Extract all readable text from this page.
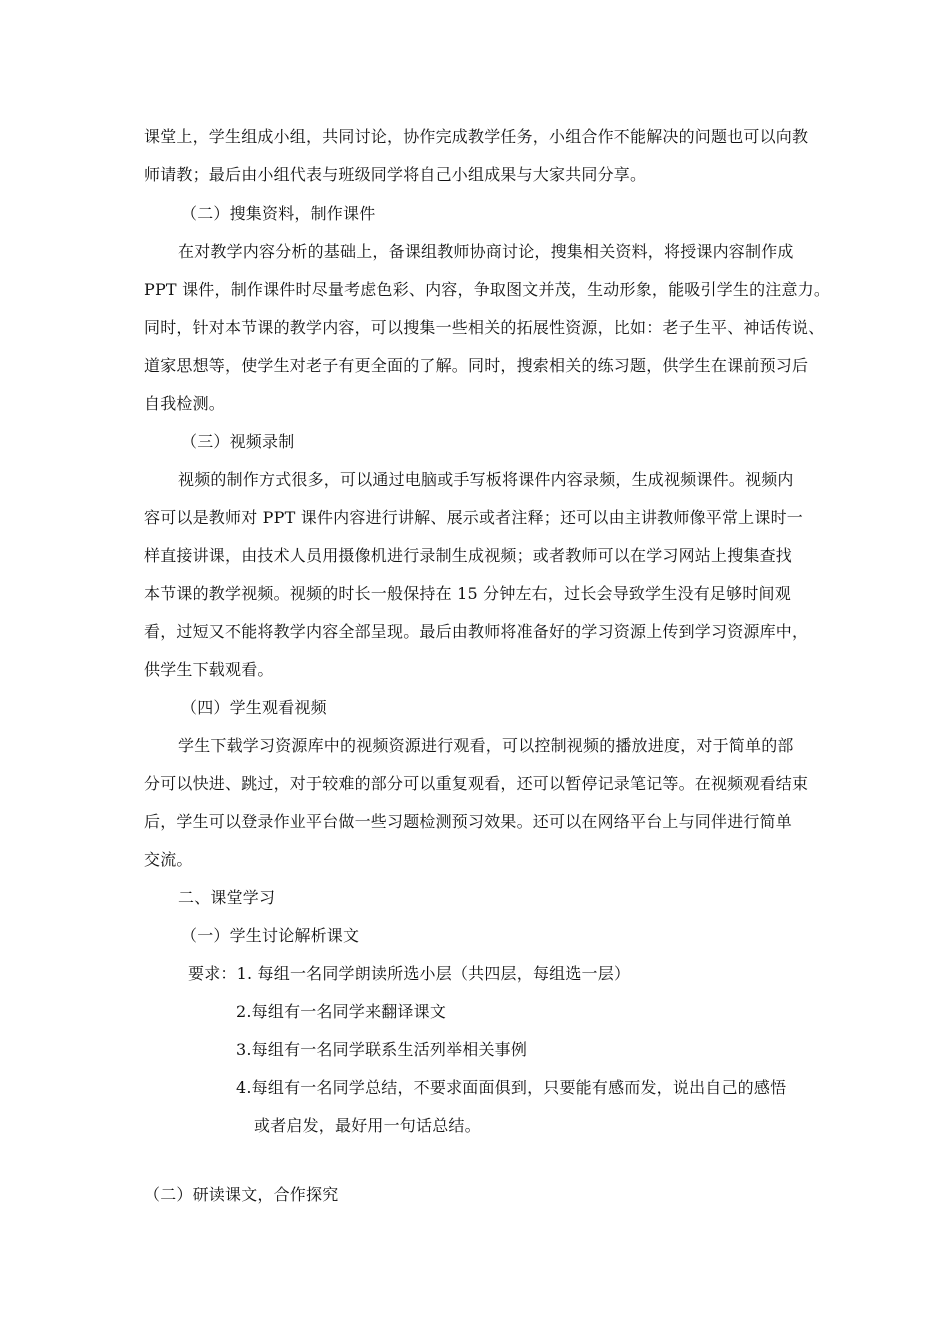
课堂上，学生组成小组，共同讨论，协作完成教学任务，小组合作不能解决的问题也可以向教
师请教；最后由小组代表与班级同学将自己小组成果与大家共同分享。
（二）搜集资料，制作课件
在对教学内容分析的基础上，备课组教师协商讨论，搜集相关资料，将授课内容制作成
PPT 课件，制作课件时尽量考虑色彩、内容，争取图文并茂，生动形象，能吸引学生的注意力。
同时，针对本节课的教学内容，可以搜集一些相关的拓展性资源，比如：老子生平、神话传说、
道家思想等，使学生对老子有更全面的了解。同时，搜索相关的练习题，供学生在课前预习后
自我检测。
（三）视频录制
视频的制作方式很多，可以通过电脑或手写板将课件内容录频，生成视频课件。视频内
容可以是教师对 PPT 课件内容进行讲解、展示或者注释；还可以由主讲教师像平常上课时一
样直接讲课，由技术人员用摄像机进行录制生成视频；或者教师可以在学习网站上搜集查找
本节课的教学视频。视频的时长一般保持在 15 分钟左右，过长会导致学生没有足够时间观
看，过短又不能将教学内容全部呈现。最后由教师将准备好的学习资源上传到学习资源库中，
供学生下载观看。
（四）学生观看视频
学生下载学习资源库中的视频资源进行观看，可以控制视频的播放进度，对于简单的部
分可以快进、跳过，对于较难的部分可以重复观看，还可以暂停记录笔记等。在视频观看结束
后，学生可以登录作业平台做一些习题检测预习效果。还可以在网络平台上与同伴进行简单
交流。
二、课堂学习
（一）学生讨论解析课文
要求：1. 每组一名同学朗读所选小层（共四层，每组选一层）
2.每组有一名同学来翻译课文
3.每组有一名同学联系生活列举相关事例
4.每组有一名同学总结，不要求面面俱到，只要能有感而发，说出自己的感悟
或者启发，最好用一句话总结。
（二）研读课文，合作探究
